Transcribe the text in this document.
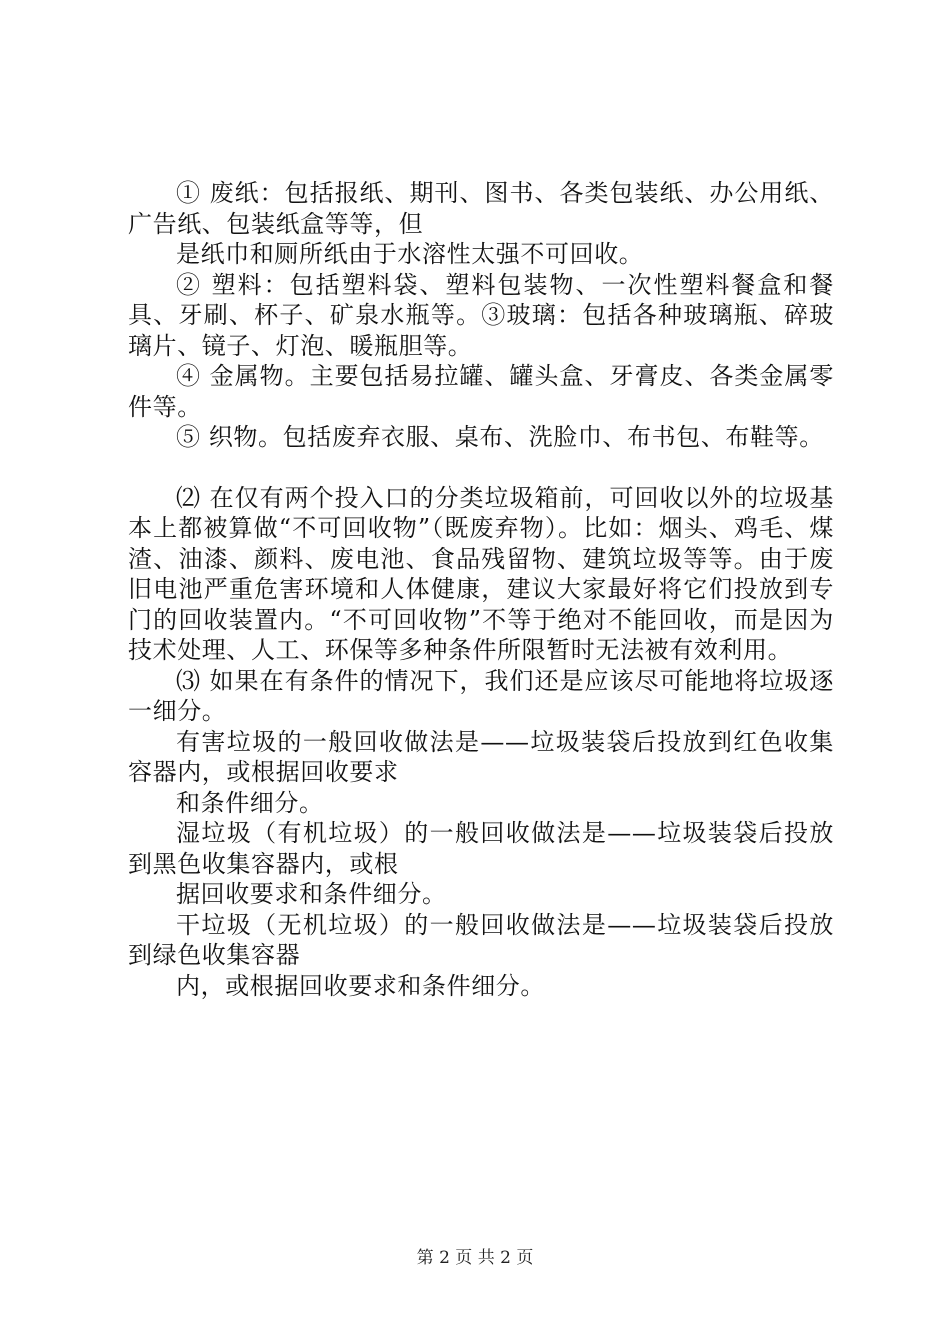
① 废纸：包括报纸、期刊、图书、各类包装纸、办公用纸、广告纸、包装纸盒等等，但

是纸巾和厕所纸由于水溶性太强不可回收。

② 塑料：包括塑料袋、塑料包装物、一次性塑料餐盒和餐具、牙刷、杯子、矿泉水瓶等。③玻璃：包括各种玻璃瓶、碎玻璃片、镜子、灯泡、暖瓶胆等。

④ 金属物。主要包括易拉罐、罐头盒、牙膏皮、各类金属零件等。

⑤ 织物。包括废弃衣服、桌布、洗脸巾、布书包、布鞋等。

⑵ 在仅有两个投入口的分类垃圾箱前，可回收以外的垃圾基本上都被算做“不可回收物”（既废弃物）。比如：烟头、鸡毛、煤渣、油漆、颜料、废电池、食品残留物、建筑垃圾等等。由于废旧电池严重危害环境和人体健康，建议大家最好将它们投放到专门的回收装置内。“不可回收物”不等于绝对不能回收，而是因为技术处理、人工、环保等多种条件所限暂时无法被有效利用。

⑶ 如果在有条件的情况下，我们还是应该尽可能地将垃圾逐一细分。

有害垃圾的一般回收做法是——垃圾装袋后投放到红色收集容器内，或根据回收要求

和条件细分。

湿垃圾（有机垃圾）的一般回收做法是——垃圾装袋后投放到黑色收集容器内，或根

据回收要求和条件细分。

干垃圾（无机垃圾）的一般回收做法是——垃圾装袋后投放到绿色收集容器

内，或根据回收要求和条件细分。

第 2 页 共 2 页
